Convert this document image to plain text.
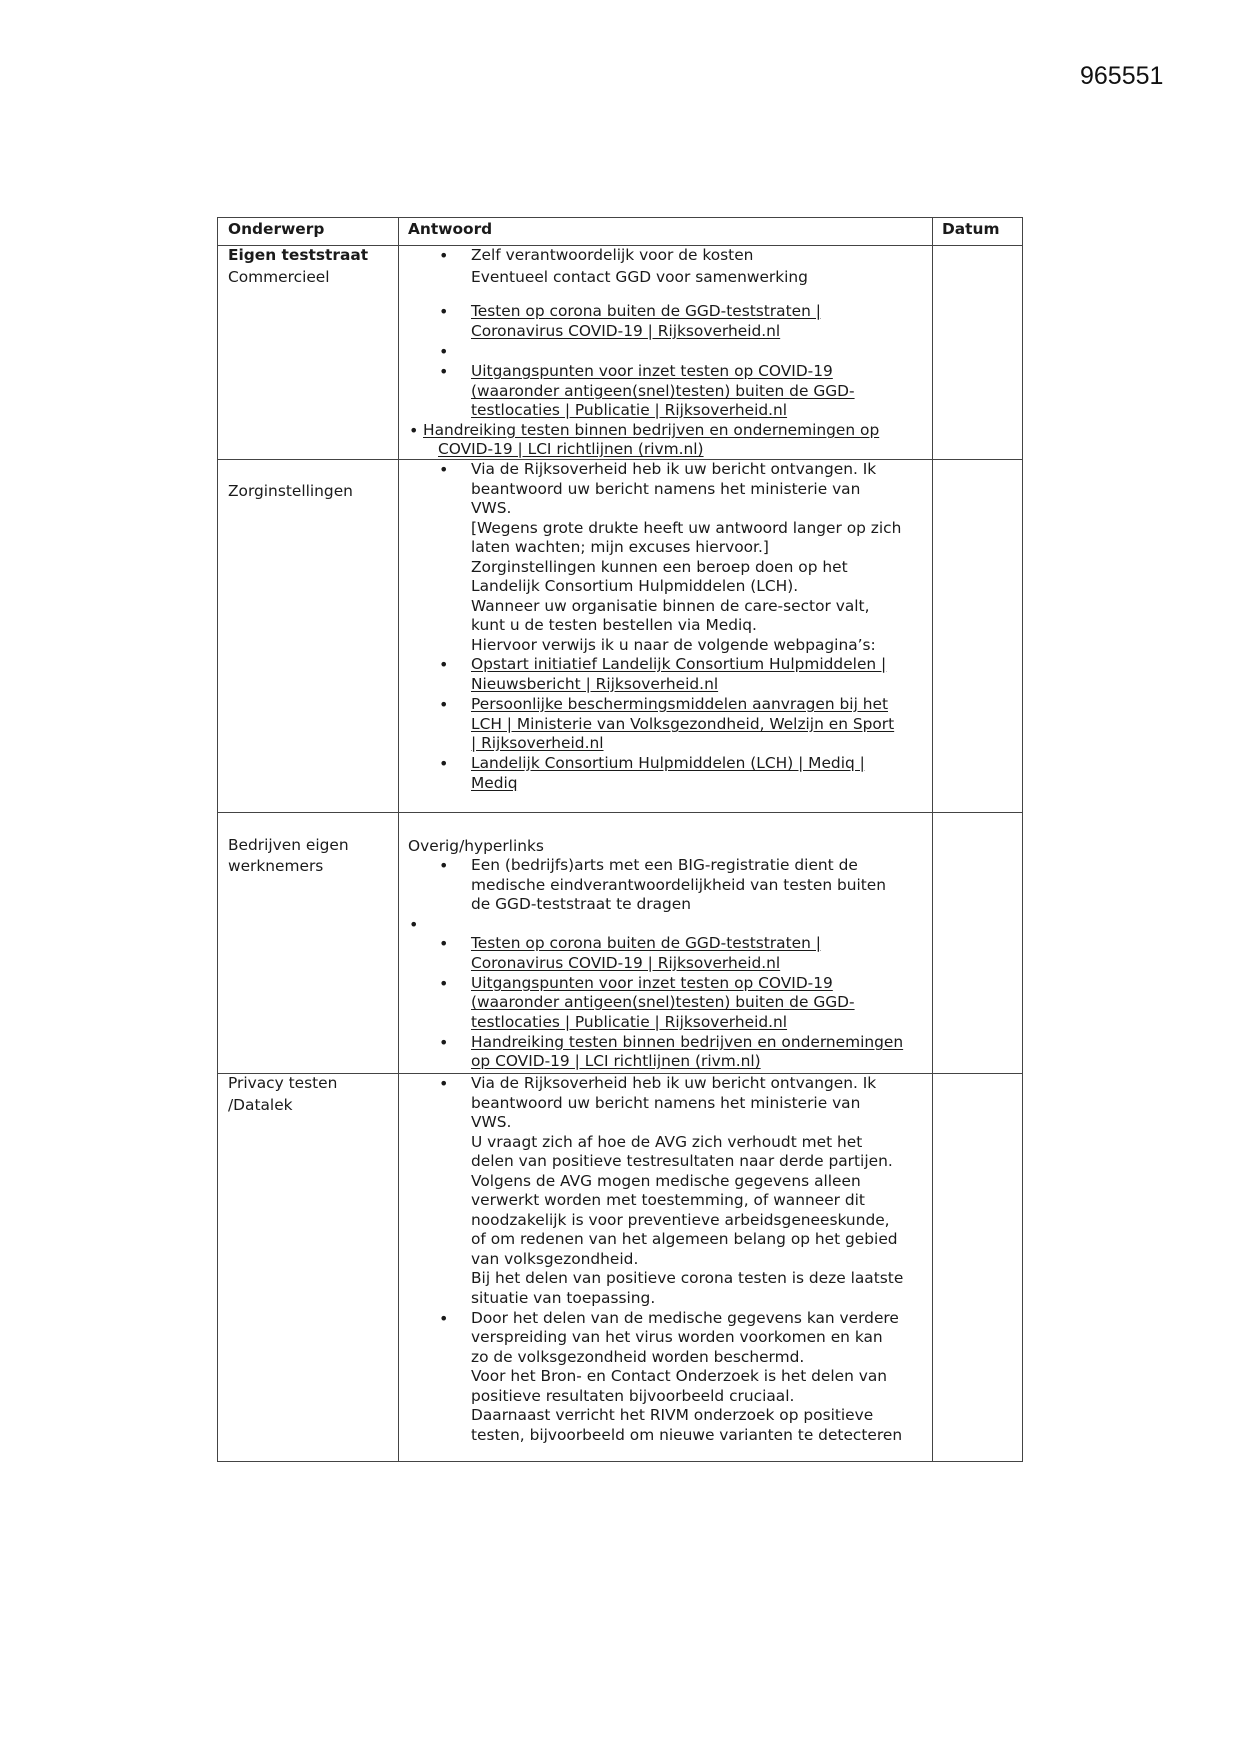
965551
Onderwerp	Antwoord	Datum
Eigen teststraat
Commercieel
• Zelf verantwoordelijk voor de kosten
Eventueel contact GGD voor samenwerking
• Testen op corona buiten de GGD-teststraten |
Coronavirus COVID-19 | Rijksoverheid.nl
•
• Uitgangspunten voor inzet testen op COVID-19
(waaronder antigeen(snel)testen) buiten de GGD-
testlocaties | Publicatie | Rijksoverheid.nl
• Handreiking testen binnen bedrijven en ondernemingen op
COVID-19 | LCI richtlijnen (rivm.nl)
Zorginstellingen
• Via de Rijksoverheid heb ik uw bericht ontvangen. Ik
beantwoord uw bericht namens het ministerie van
VWS.
[Wegens grote drukte heeft uw antwoord langer op zich
laten wachten; mijn excuses hiervoor.]
Zorginstellingen kunnen een beroep doen op het
Landelijk Consortium Hulpmiddelen (LCH).
Wanneer uw organisatie binnen de care-sector valt,
kunt u de testen bestellen via Mediq.
Hiervoor verwijs ik u naar de volgende webpagina’s:
• Opstart initiatief Landelijk Consortium Hulpmiddelen |
Nieuwsbericht | Rijksoverheid.nl
• Persoonlijke beschermingsmiddelen aanvragen bij het
LCH | Ministerie van Volksgezondheid, Welzijn en Sport
| Rijksoverheid.nl
• Landelijk Consortium Hulpmiddelen (LCH) | Mediq |
Mediq
Bedrijven eigen
werknemers
Overig/hyperlinks
• Een (bedrijfs)arts met een BIG-registratie dient de
medische eindverantwoordelijkheid van testen buiten
de GGD-teststraat te dragen
•
• Testen op corona buiten de GGD-teststraten |
Coronavirus COVID-19 | Rijksoverheid.nl
• Uitgangspunten voor inzet testen op COVID-19
(waaronder antigeen(snel)testen) buiten de GGD-
testlocaties | Publicatie | Rijksoverheid.nl
• Handreiking testen binnen bedrijven en ondernemingen
op COVID-19 | LCI richtlijnen (rivm.nl)
Privacy testen
/Datalek
• Via de Rijksoverheid heb ik uw bericht ontvangen. Ik
beantwoord uw bericht namens het ministerie van
VWS.
U vraagt zich af hoe de AVG zich verhoudt met het
delen van positieve testresultaten naar derde partijen.
Volgens de AVG mogen medische gegevens alleen
verwerkt worden met toestemming, of wanneer dit
noodzakelijk is voor preventieve arbeidsgeneeskunde,
of om redenen van het algemeen belang op het gebied
van volksgezondheid.
Bij het delen van positieve corona testen is deze laatste
situatie van toepassing.
• Door het delen van de medische gegevens kan verdere
verspreiding van het virus worden voorkomen en kan
zo de volksgezondheid worden beschermd.
Voor het Bron- en Contact Onderzoek is het delen van
positieve resultaten bijvoorbeeld cruciaal.
Daarnaast verricht het RIVM onderzoek op positieve
testen, bijvoorbeeld om nieuwe varianten te detecteren
